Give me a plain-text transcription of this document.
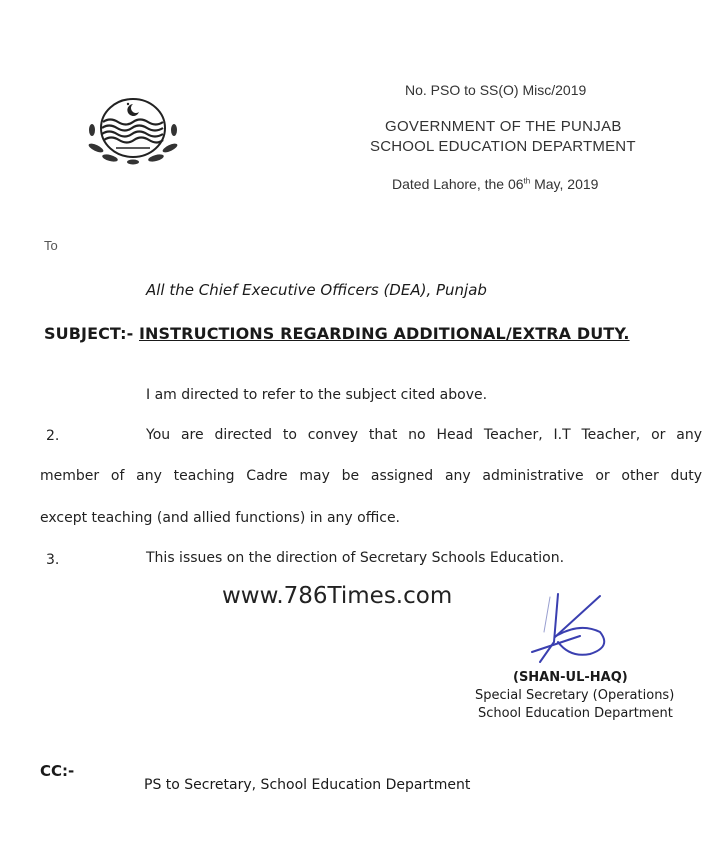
No. PSO to SS(O) Misc/2019
GOVERNMENT OF THE PUNJAB
SCHOOL EDUCATION DEPARTMENT
Dated Lahore, the 06th May, 2019
To
All the Chief Executive Officers (DEA), Punjab
SUBJECT:- INSTRUCTIONS REGARDING ADDITIONAL/EXTRA DUTY.
I am directed to refer to the subject cited above.
2.	You are directed to convey that no Head Teacher, I.T Teacher, or any
member of any teaching Cadre may be assigned any administrative or other duty
except teaching (and allied functions) in any office.
3.	This issues on the direction of Secretary Schools Education.
www.786Times.com
(SHAN-UL-HAQ)
Special Secretary (Operations)
School Education Department
CC:-
PS to Secretary, School Education Department
